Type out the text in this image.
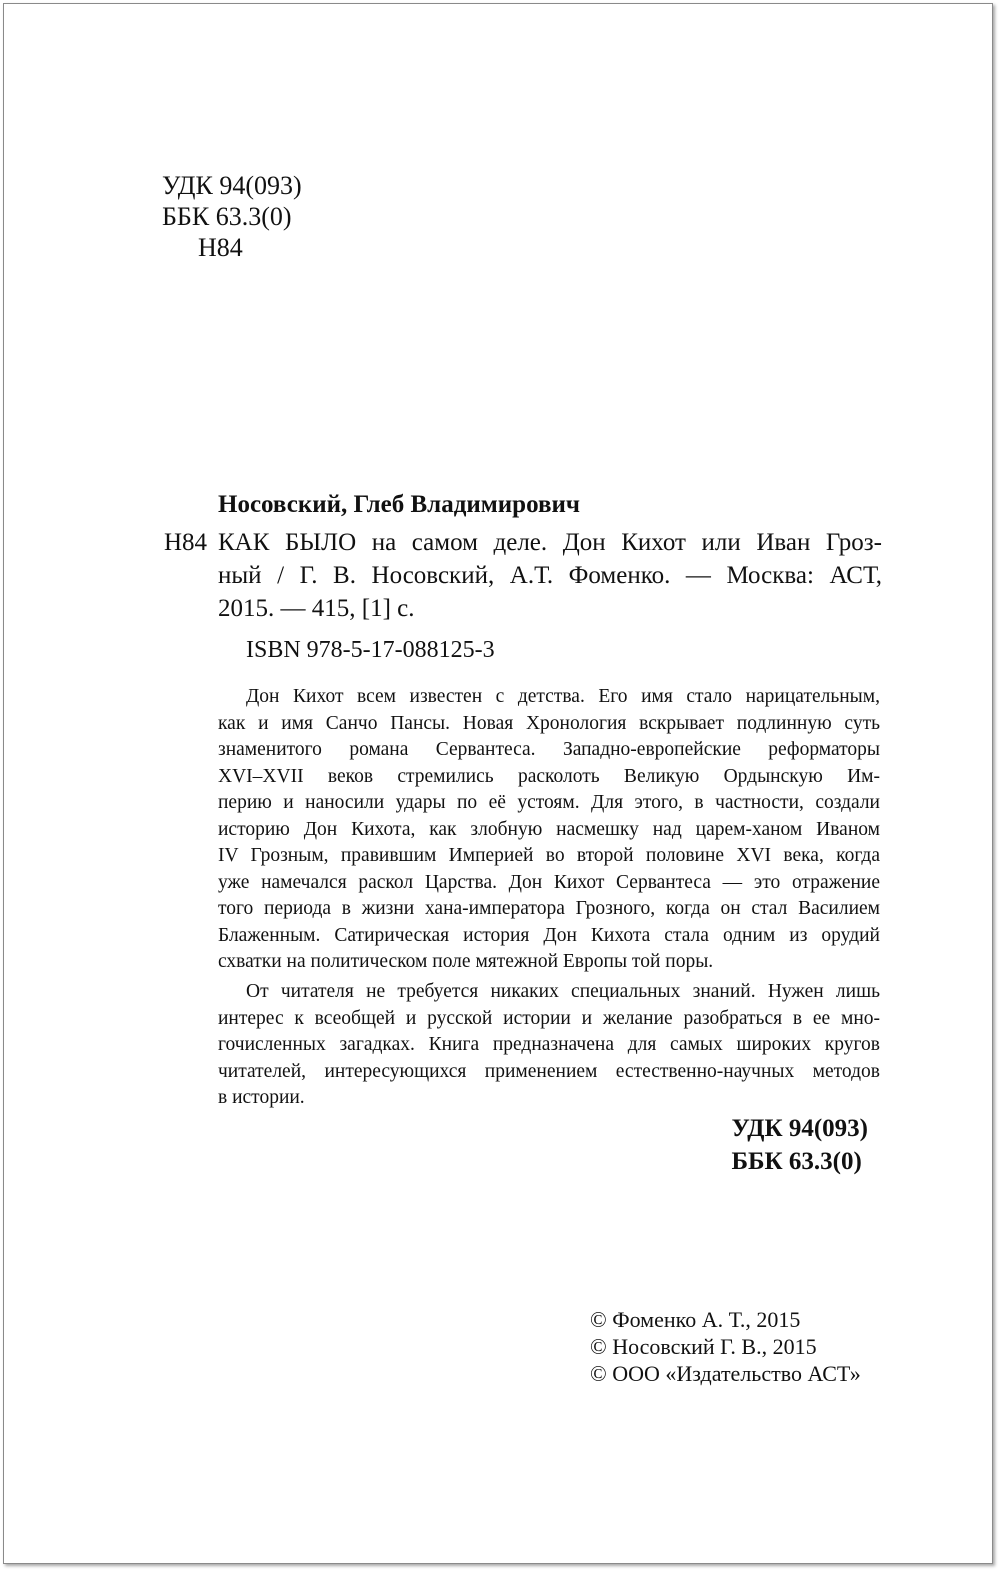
УДК 94(093)
ББК 63.3(0)
Н84
Носовский, Глеб Владимирович
Н84 КАК БЫЛО на самом деле. Дон Кихот или Иван Гроз-
ный / Г. В. Носовский, А.Т. Фоменко. — Москва: АСТ,
2015. — 415, [1] с.
ISBN 978-5-17-088125-3
Дон Кихот всем известен с детства. Его имя стало нарицательным,
как и имя Санчо Пансы. Новая Хронология вскрывает подлинную суть
знаменитого романа Сервантеса. Западно-европейские реформаторы
XVI–XVII веков стремились расколоть Великую Ордынскую Им-
перию и наносили удары по её устоям. Для этого, в частности, создали
историю Дон Кихота, как злобную насмешку над царем-ханом Иваном
IV Грозным, правившим Империей во второй половине XVI века, когда
уже намечался раскол Царства. Дон Кихот Сервантеса — это отражение
того периода в жизни хана-императора Грозного, когда он стал Василием
Блаженным. Сатирическая история Дон Кихота стала одним из орудий
схватки на политическом поле мятежной Европы той поры.
От читателя не требуется никаких специальных знаний. Нужен лишь
интерес к всеобщей и русской истории и желание разобраться в ее мно-
гочисленных загадках. Книга предназначена для самых широких кругов
читателей, интересующихся применением естественно-научных методов
в истории.
УДК 94(093)
ББК 63.3(0)
© Фоменко А. Т., 2015
© Носовский Г. В., 2015
© ООО «Издательство АСТ»
